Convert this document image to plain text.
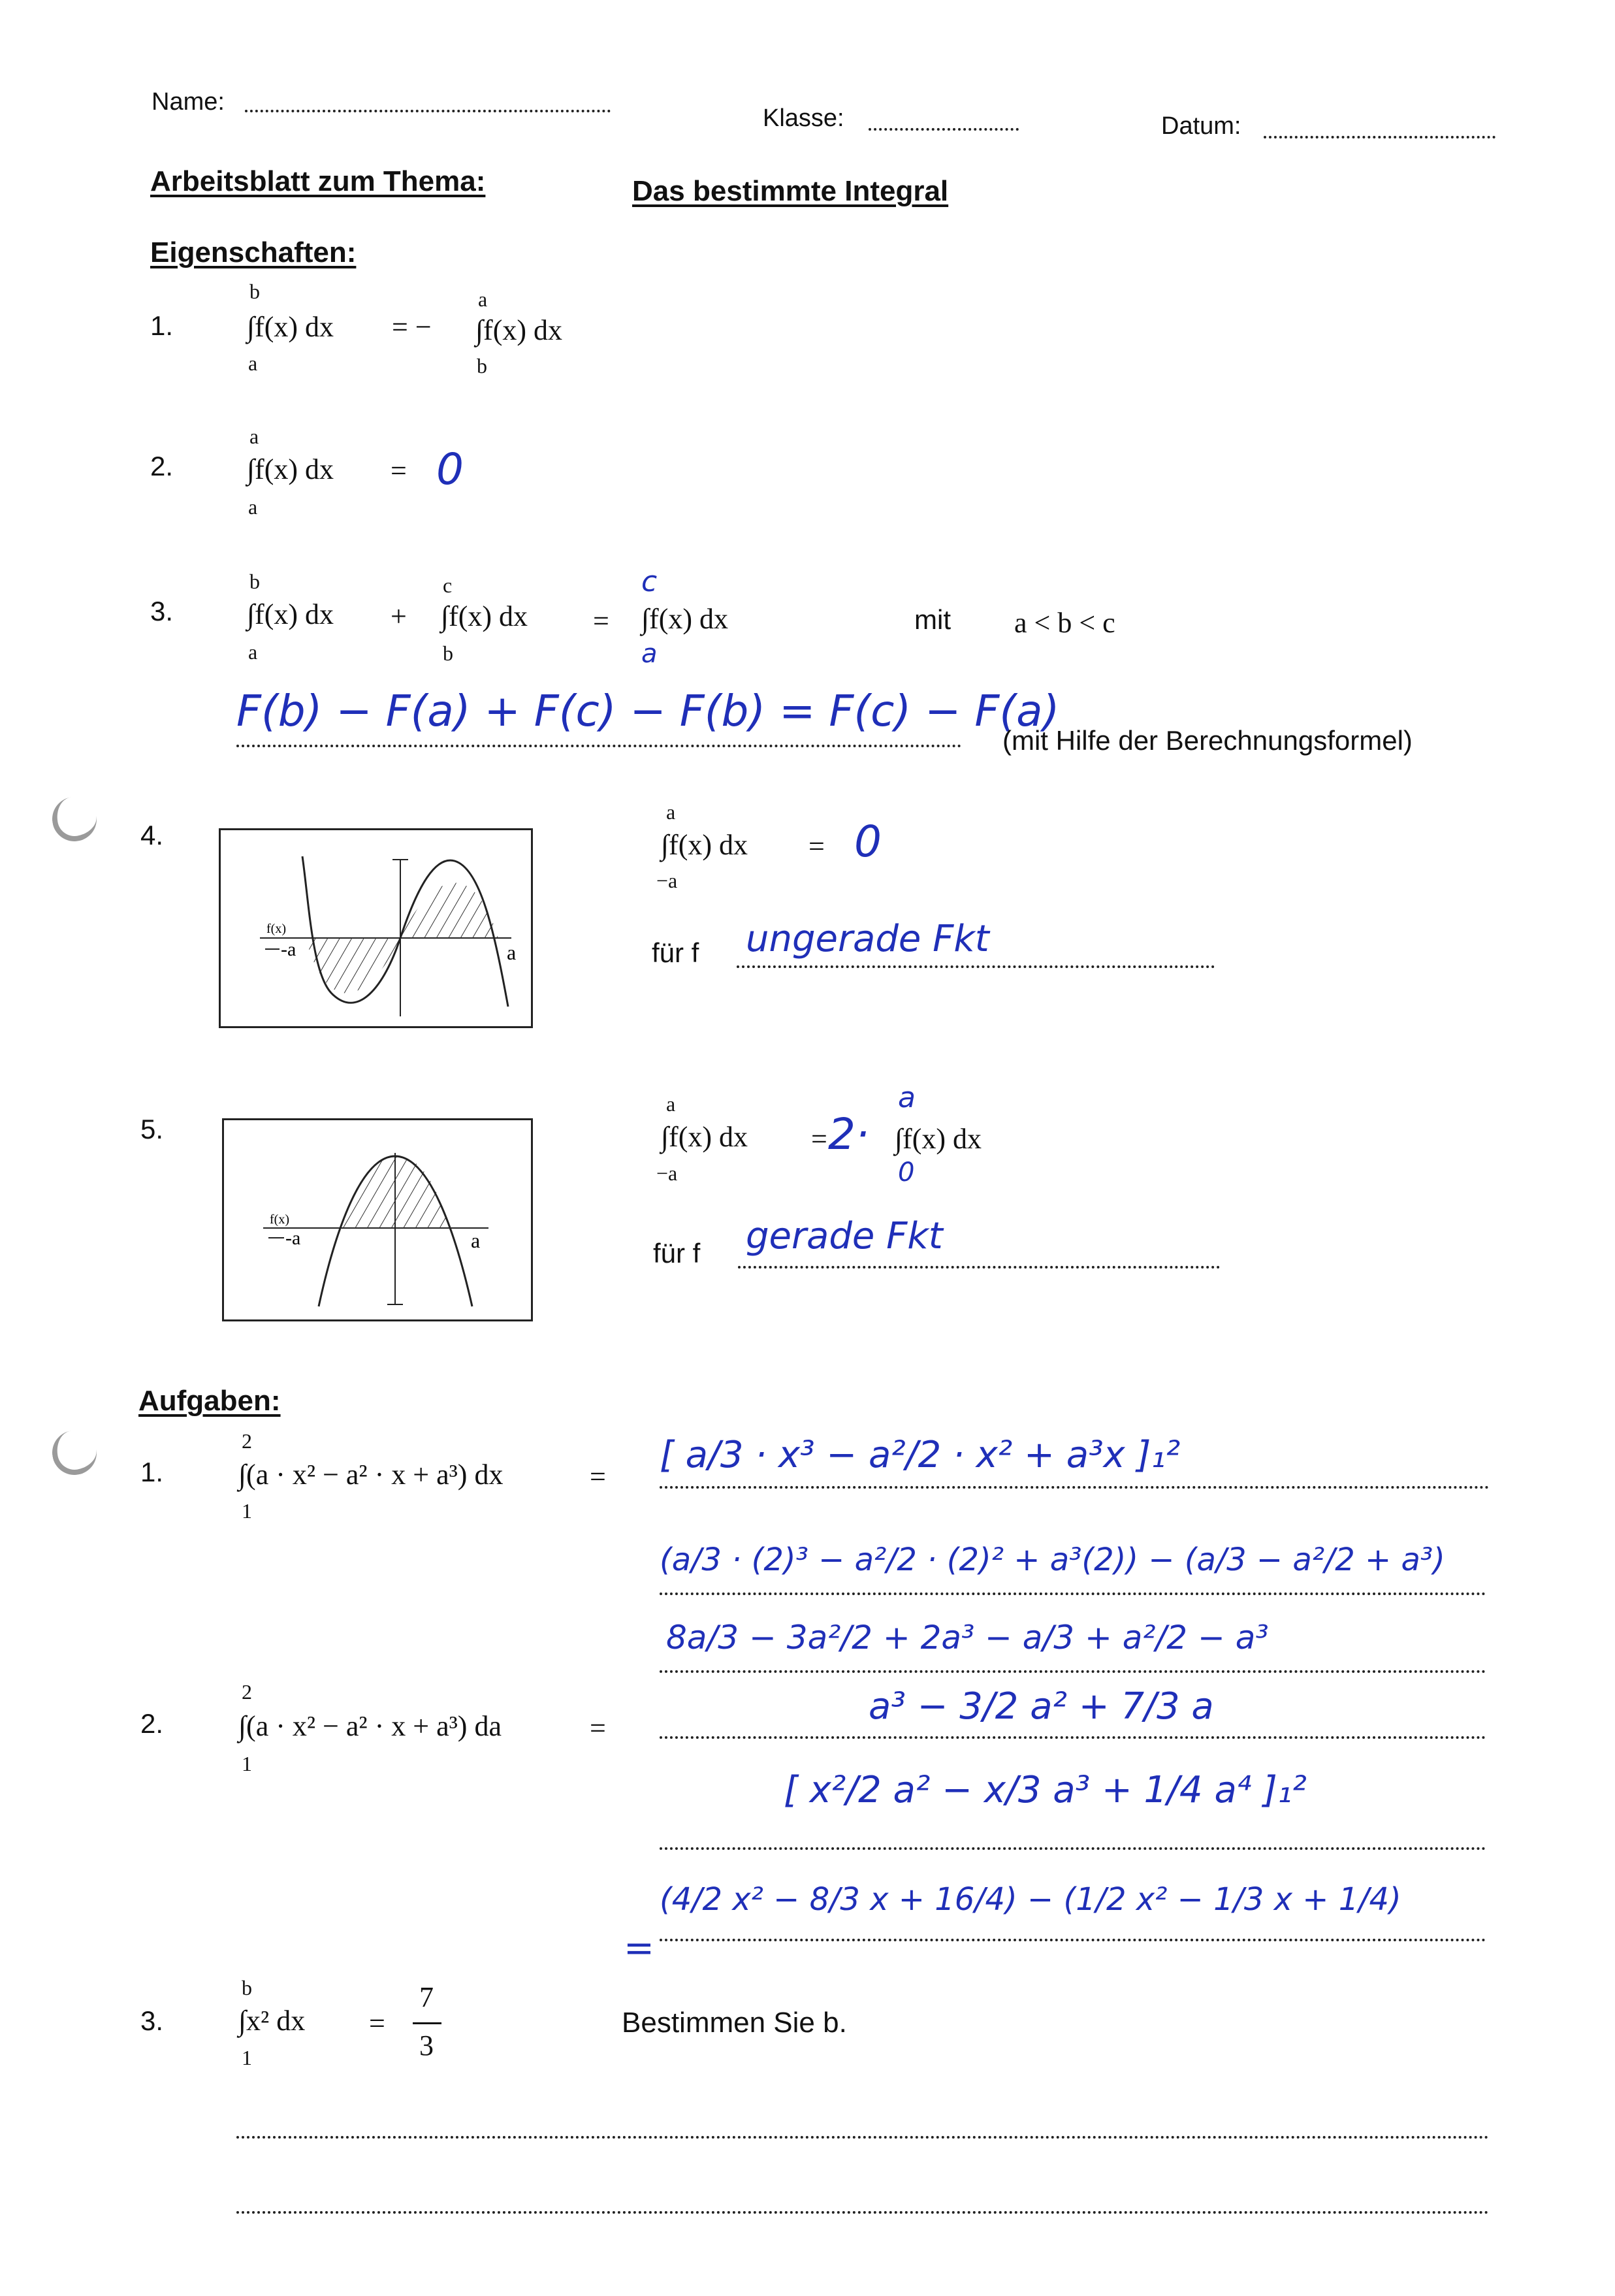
Name:
Klasse:	Datum:
Arbeitsblatt zum Thema:	Das bestimmte Integral
Eigenschaften:
1.
b
∫f(x) dx
a
= −
a
∫f(x) dx
b
2.
a
∫f(x) dx
a
= 0
3.
b
∫f(x) dx
a
+
c
∫f(x) dx
b
=
c
∫f(x) dx
a
mit a < b < c
F(b) − F(a) + F(c) − F(b) = F(c) − F(a)
(mit Hilfe der Berechnungsformel)
4.
f(x)
-a	a
a
∫f(x) dx
−a
= 0
für f ungerade Fkt
5.
f(x)
-a	a
a
∫f(x) dx
−a
= 2·
a
∫f(x) dx
0
für f gerade Fkt
Aufgaben:
1.
2
∫(a · x² − a² · x + a³) dx
1
=
[ a/3 · x³ − a²/2 · x² + a³x ]₁²
(a/3 · (2)³ − a²/2 · (2)² + a³(2)) − (a/3 − a²/2 + a³)
8a/3 − 3a²/2 + 2a³ − a/3 + a²/2 − a³
a³ − 3/2 a² + 7/3 a
2.
2
∫(a · x² − a² · x + a³) da
1
=
[ x²/2 a² − x/3 a³ + 1/4 a⁴ ]₁²
(4/2 x² − 8/3 x + 16/4) − (1/2 x² − 1/3 x + 1/4)
=
3.
b
∫x² dx
1
=
7
3
Bestimmen Sie b.
